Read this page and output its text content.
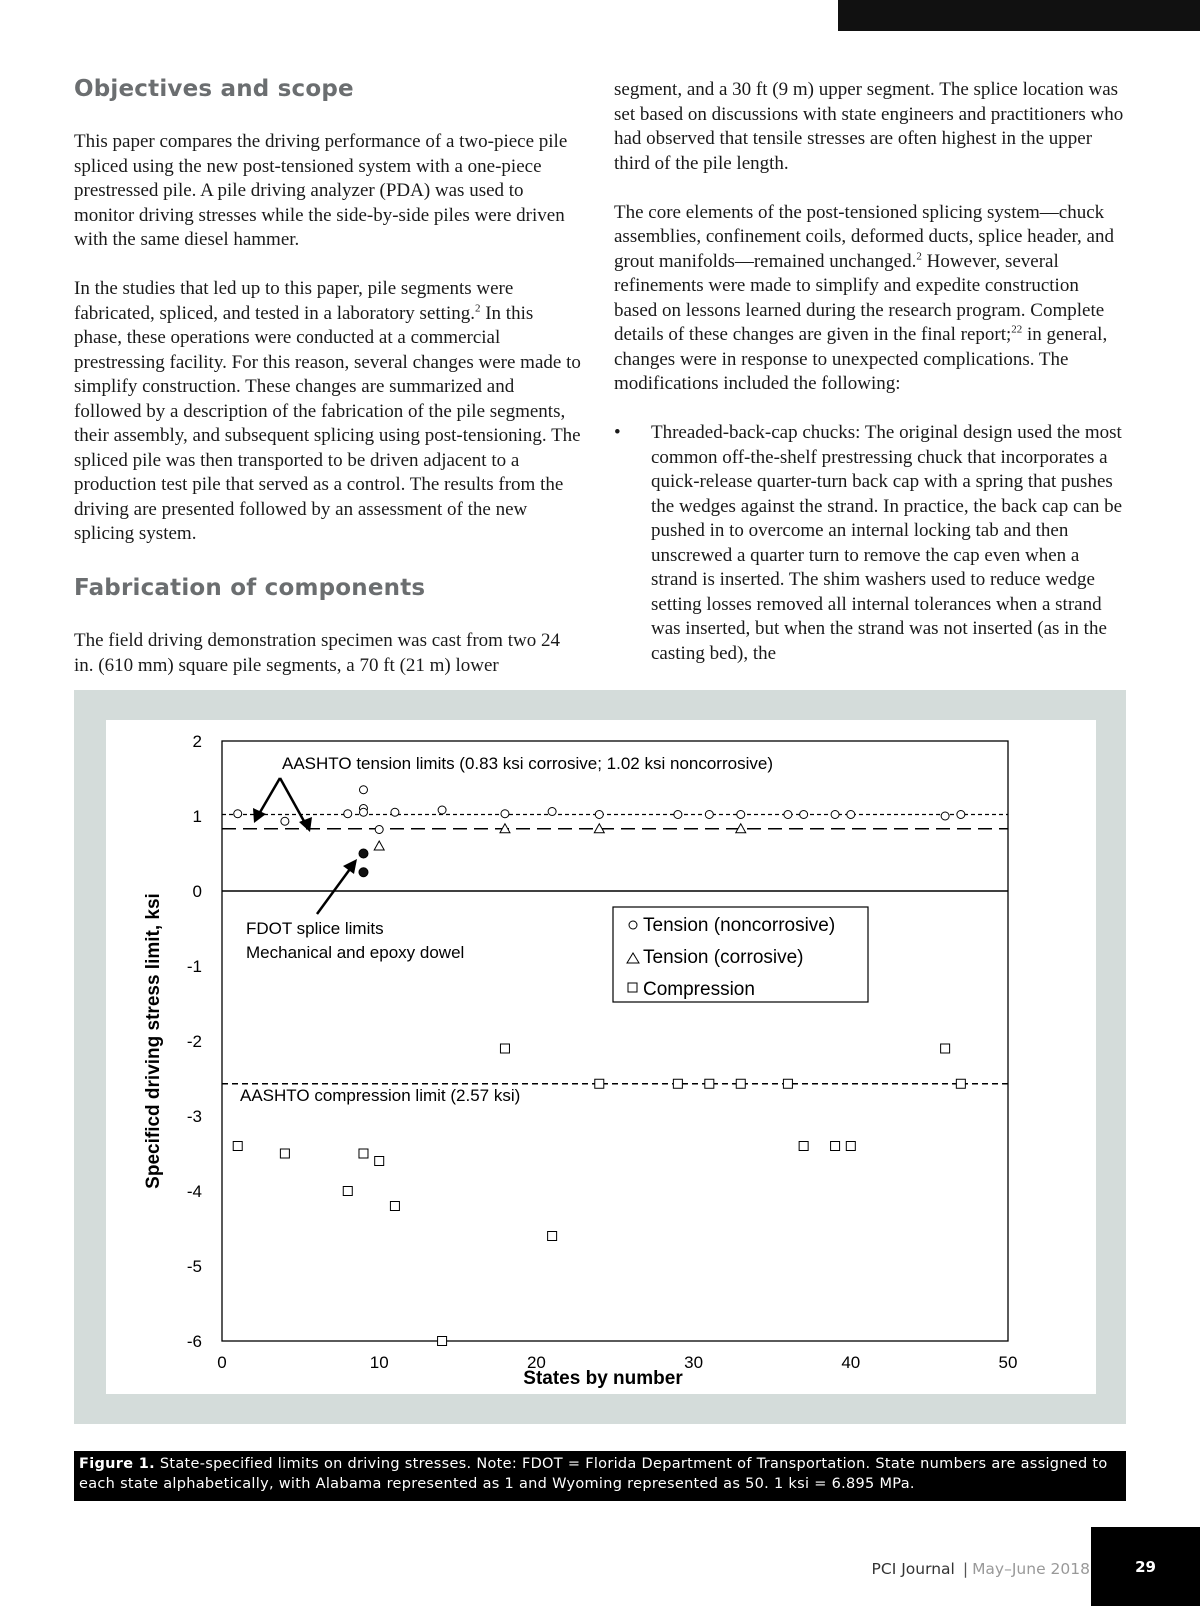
Objectives and scope

This paper compares the driving performance of a two-piece pile spliced using the new post-tensioned system with a one-piece prestressed pile. A pile driving analyzer (PDA) was used to monitor driving stresses while the side-by-side piles were driven with the same diesel hammer.

In the studies that led up to this paper, pile segments were fabricated, spliced, and tested in a laboratory setting.$^2$ In this phase, these operations were conducted at a commercial prestressing facility. For this reason, several changes were made to simplify construction. These changes are summarized and followed by a description of the fabrication of the pile segments, their assembly, and subsequent splicing using post-tensioning. The spliced pile was then transported to be driven adjacent to a production test pile that served as a control. The results from the driving are presented followed by an assessment of the new splicing system.

Fabrication of components

The field driving demonstration specimen was cast from two 24 in. (610 mm) square pile segments, a 70 ft (21 m) lower

segment, and a 30 ft (9 m) upper segment. The splice location was set based on discussions with state engineers and practitioners who had observed that tensile stresses are often highest in the upper third of the pile length.

The core elements of the post-tensioned splicing system—chuck assemblies, confinement coils, deformed ducts, splice header, and grout manifolds—remained unchanged.$^2$ However, several refinements were made to simplify and expedite construction based on lessons learned during the research program. Complete details of these changes are given in the final report;$^{22}$ in general, changes were in response to unexpected complications. The modifications included the following:

•	Threaded-back-cap chucks: The original design used the most common off-the-shelf prestressing chuck that incorporates a quick-release quarter-turn back cap with a spring that pushes the wedges against the strand. In practice, the back cap can be pushed in to overcome an internal locking tab and then unscrewed a quarter turn to remove the cap even when a strand is inserted. The shim washers used to reduce wedge setting losses removed all internal tolerances when a strand was inserted, but when the strand was not inserted (as in the casting bed), the
0	10	20	30	40	50
2
1
0
-1
-2
-3
-4
-5
-6
AASHTO tension limits (0.83 ksi corrosive; 1.02 ksi noncorrosive)
FDOT splice limits
Mechanical and epoxy dowel
AASHTO compression limit (2.57 ksi)
Tension (noncorrosive)
Tension (corrosive)
Compression
States by number
Specificd driving stress limit, ksi
Figure 1. State-specified limits on driving stresses. Note: FDOT = Florida Department of Transportation. State numbers are assigned to each state alphabetically, with Alabama represented as 1 and Wyoming represented as 50. 1 ksi = 6.895 MPa.
PCI Journal | May–June 2018	29
